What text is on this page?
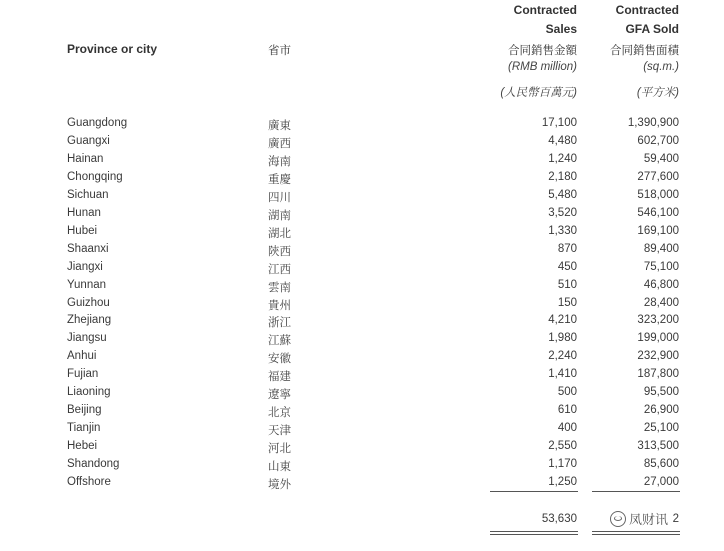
Province or city	省市
Contracted
Sales
合同銷售金額
(RMB million)
(人民幣百萬元)
Contracted
GFA Sold
合同銷售面積
(sq.m.)
(平方米)
Guangdong	廣東	17,100	1,390,900
Guangxi	廣西	4,480	602,700
Hainan	海南	1,240	59,400
Chongqing	重慶	2,180	277,600
Sichuan	四川	5,480	518,000
Hunan	湖南	3,520	546,100
Hubei	湖北	1,330	169,100
Shaanxi	陝西	870	89,400
Jiangxi	江西	450	75,100
Yunnan	雲南	510	46,800
Guizhou	貴州	150	28,400
Zhejiang	浙江	4,210	323,200
Jiangsu	江蘇	1,980	199,000
Anhui	安徽	2,240	232,900
Fujian	福建	1,410	187,800
Liaoning	遼寧	500	95,500
Beijing	北京	610	26,900
Tianjin	天津	400	25,100
Hebei	河北	2,550	313,500
Shandong	山東	1,170	85,600
Offshore	境外	1,250	27,000
53,630	2
凤财讯
